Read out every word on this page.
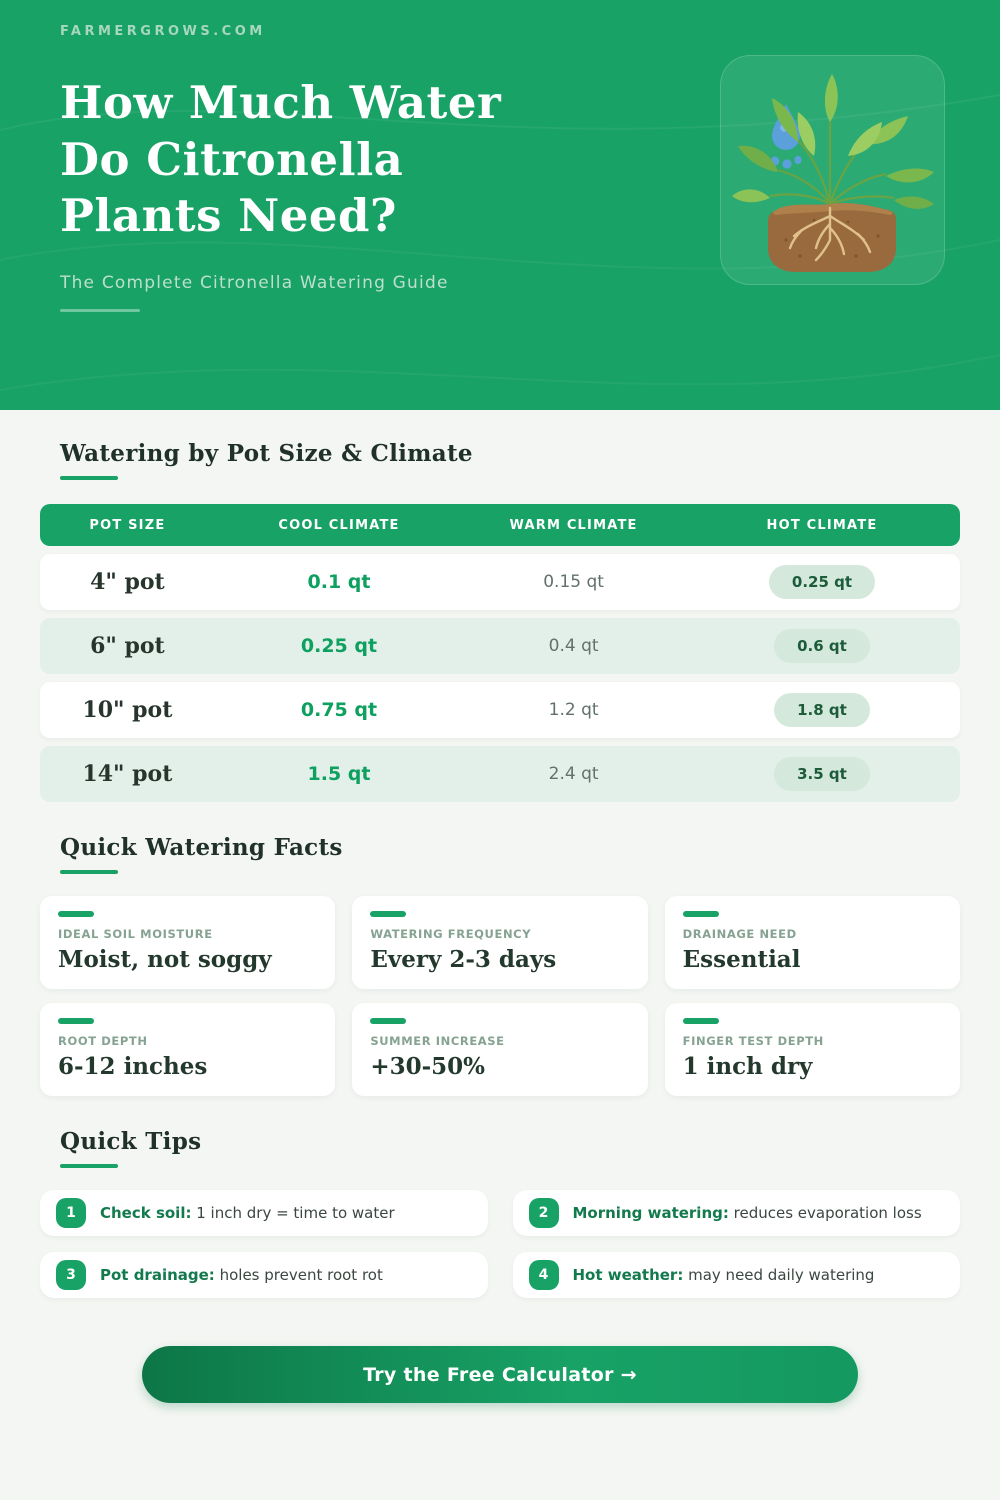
FARMERGROWS.COM
How Much Water
Do Citronella
Plants Need?
The Complete Citronella Watering Guide
Watering by Pot Size & Climate
POT SIZE	COOL CLIMATE	WARM CLIMATE	HOT CLIMATE
4" pot	0.1 qt	0.15 qt	0.25 qt
6" pot	0.25 qt	0.4 qt	0.6 qt
10" pot	0.75 qt	1.2 qt	1.8 qt
14" pot	1.5 qt	2.4 qt	3.5 qt
Quick Watering Facts
IDEAL SOIL MOISTURE
Moist, not soggy
WATERING FREQUENCY
Every 2-3 days
DRAINAGE NEED
Essential
ROOT DEPTH
6-12 inches
SUMMER INCREASE
+30-50%
FINGER TEST DEPTH
1 inch dry
Quick Tips
1	Check soil: 1 inch dry = time to water	2	Morning watering: reduces evaporation loss
3	Pot drainage: holes prevent root rot	4	Hot weather: may need daily watering
Try the Free Calculator →
